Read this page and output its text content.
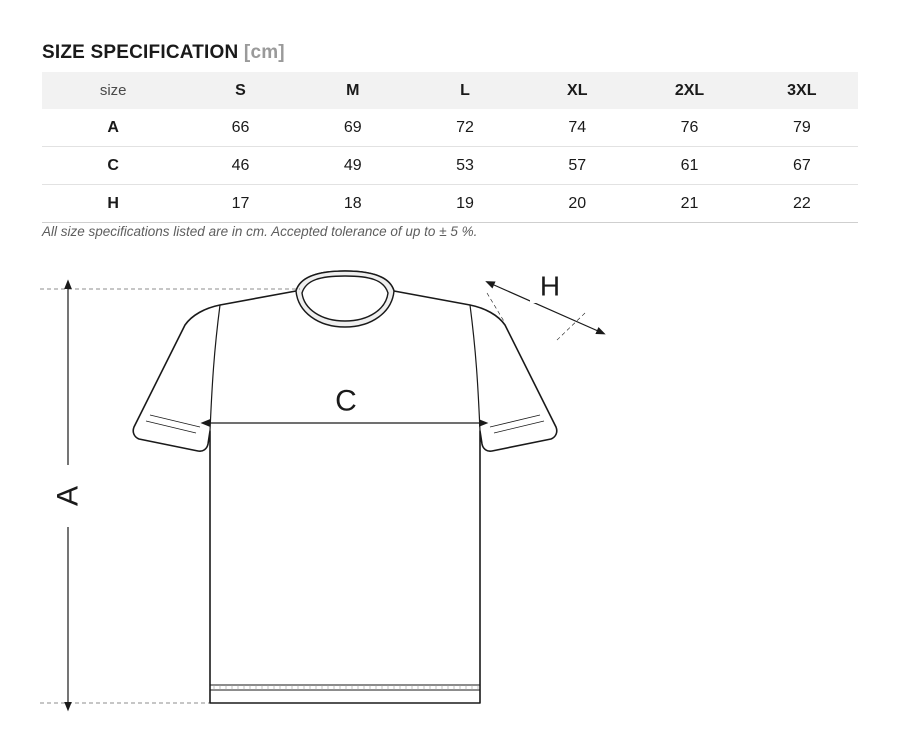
SIZE SPECIFICATION [cm]
size	S	M	L	XL	2XL	3XL
A	66	69	72	74	76	79
C	46	49	53	57	61	67
H	17	18	19	20	21	22
All size specifications listed are in cm. Accepted tolerance of up to ± 5 %.
A
C
H
